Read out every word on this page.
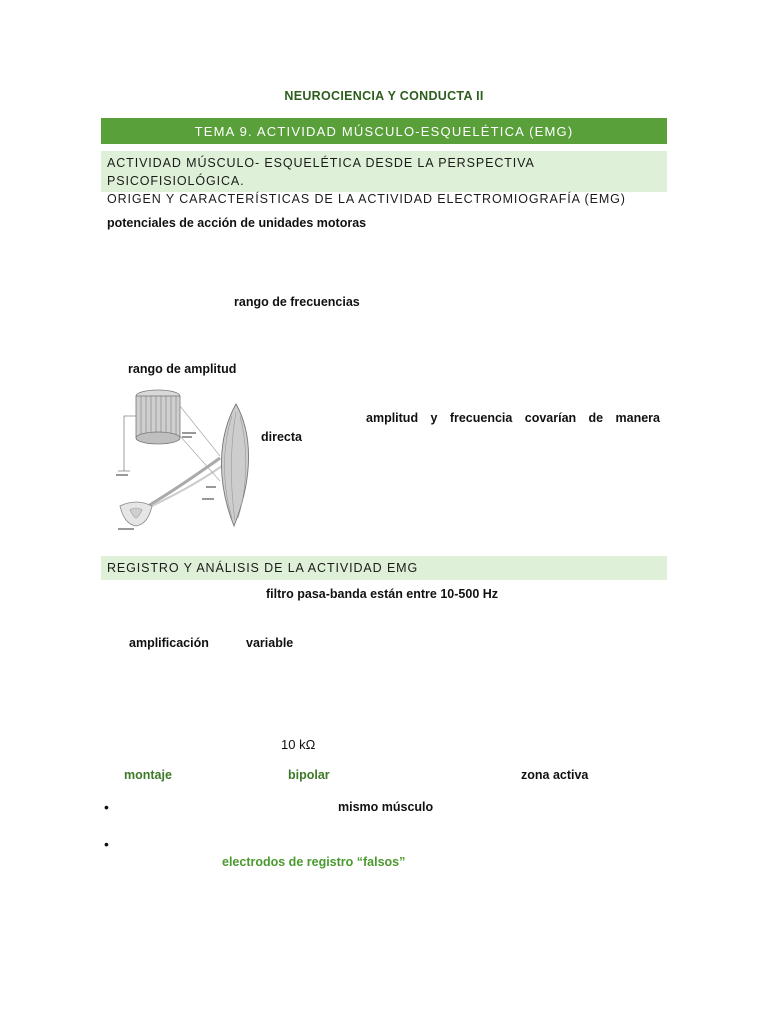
NEUROCIENCIA Y CONDUCTA II
TEMA 9. ACTIVIDAD MÚSCULO-ESQUELÉTICA (EMG)
ACTIVIDAD MÚSCULO- ESQUELÉTICA DESDE LA PERSPECTIVA PSICOFISIOLÓGICA.
ORIGEN Y CARACTERÍSTICAS DE LA ACTIVIDAD ELECTROMIOGRAFÍA (EMG)
potenciales de acción de unidades motoras
rango de frecuencias
rango de amplitud
amplitud y frecuencia covarían de manera
directa
REGISTRO Y ANÁLISIS DE LA ACTIVIDAD EMG
filtro pasa-banda están entre 10-500 Hz
amplificación	variable
10 kΩ
montaje	bipolar	zona activa
•	mismo músculo
•
electrodos de registro “falsos”
